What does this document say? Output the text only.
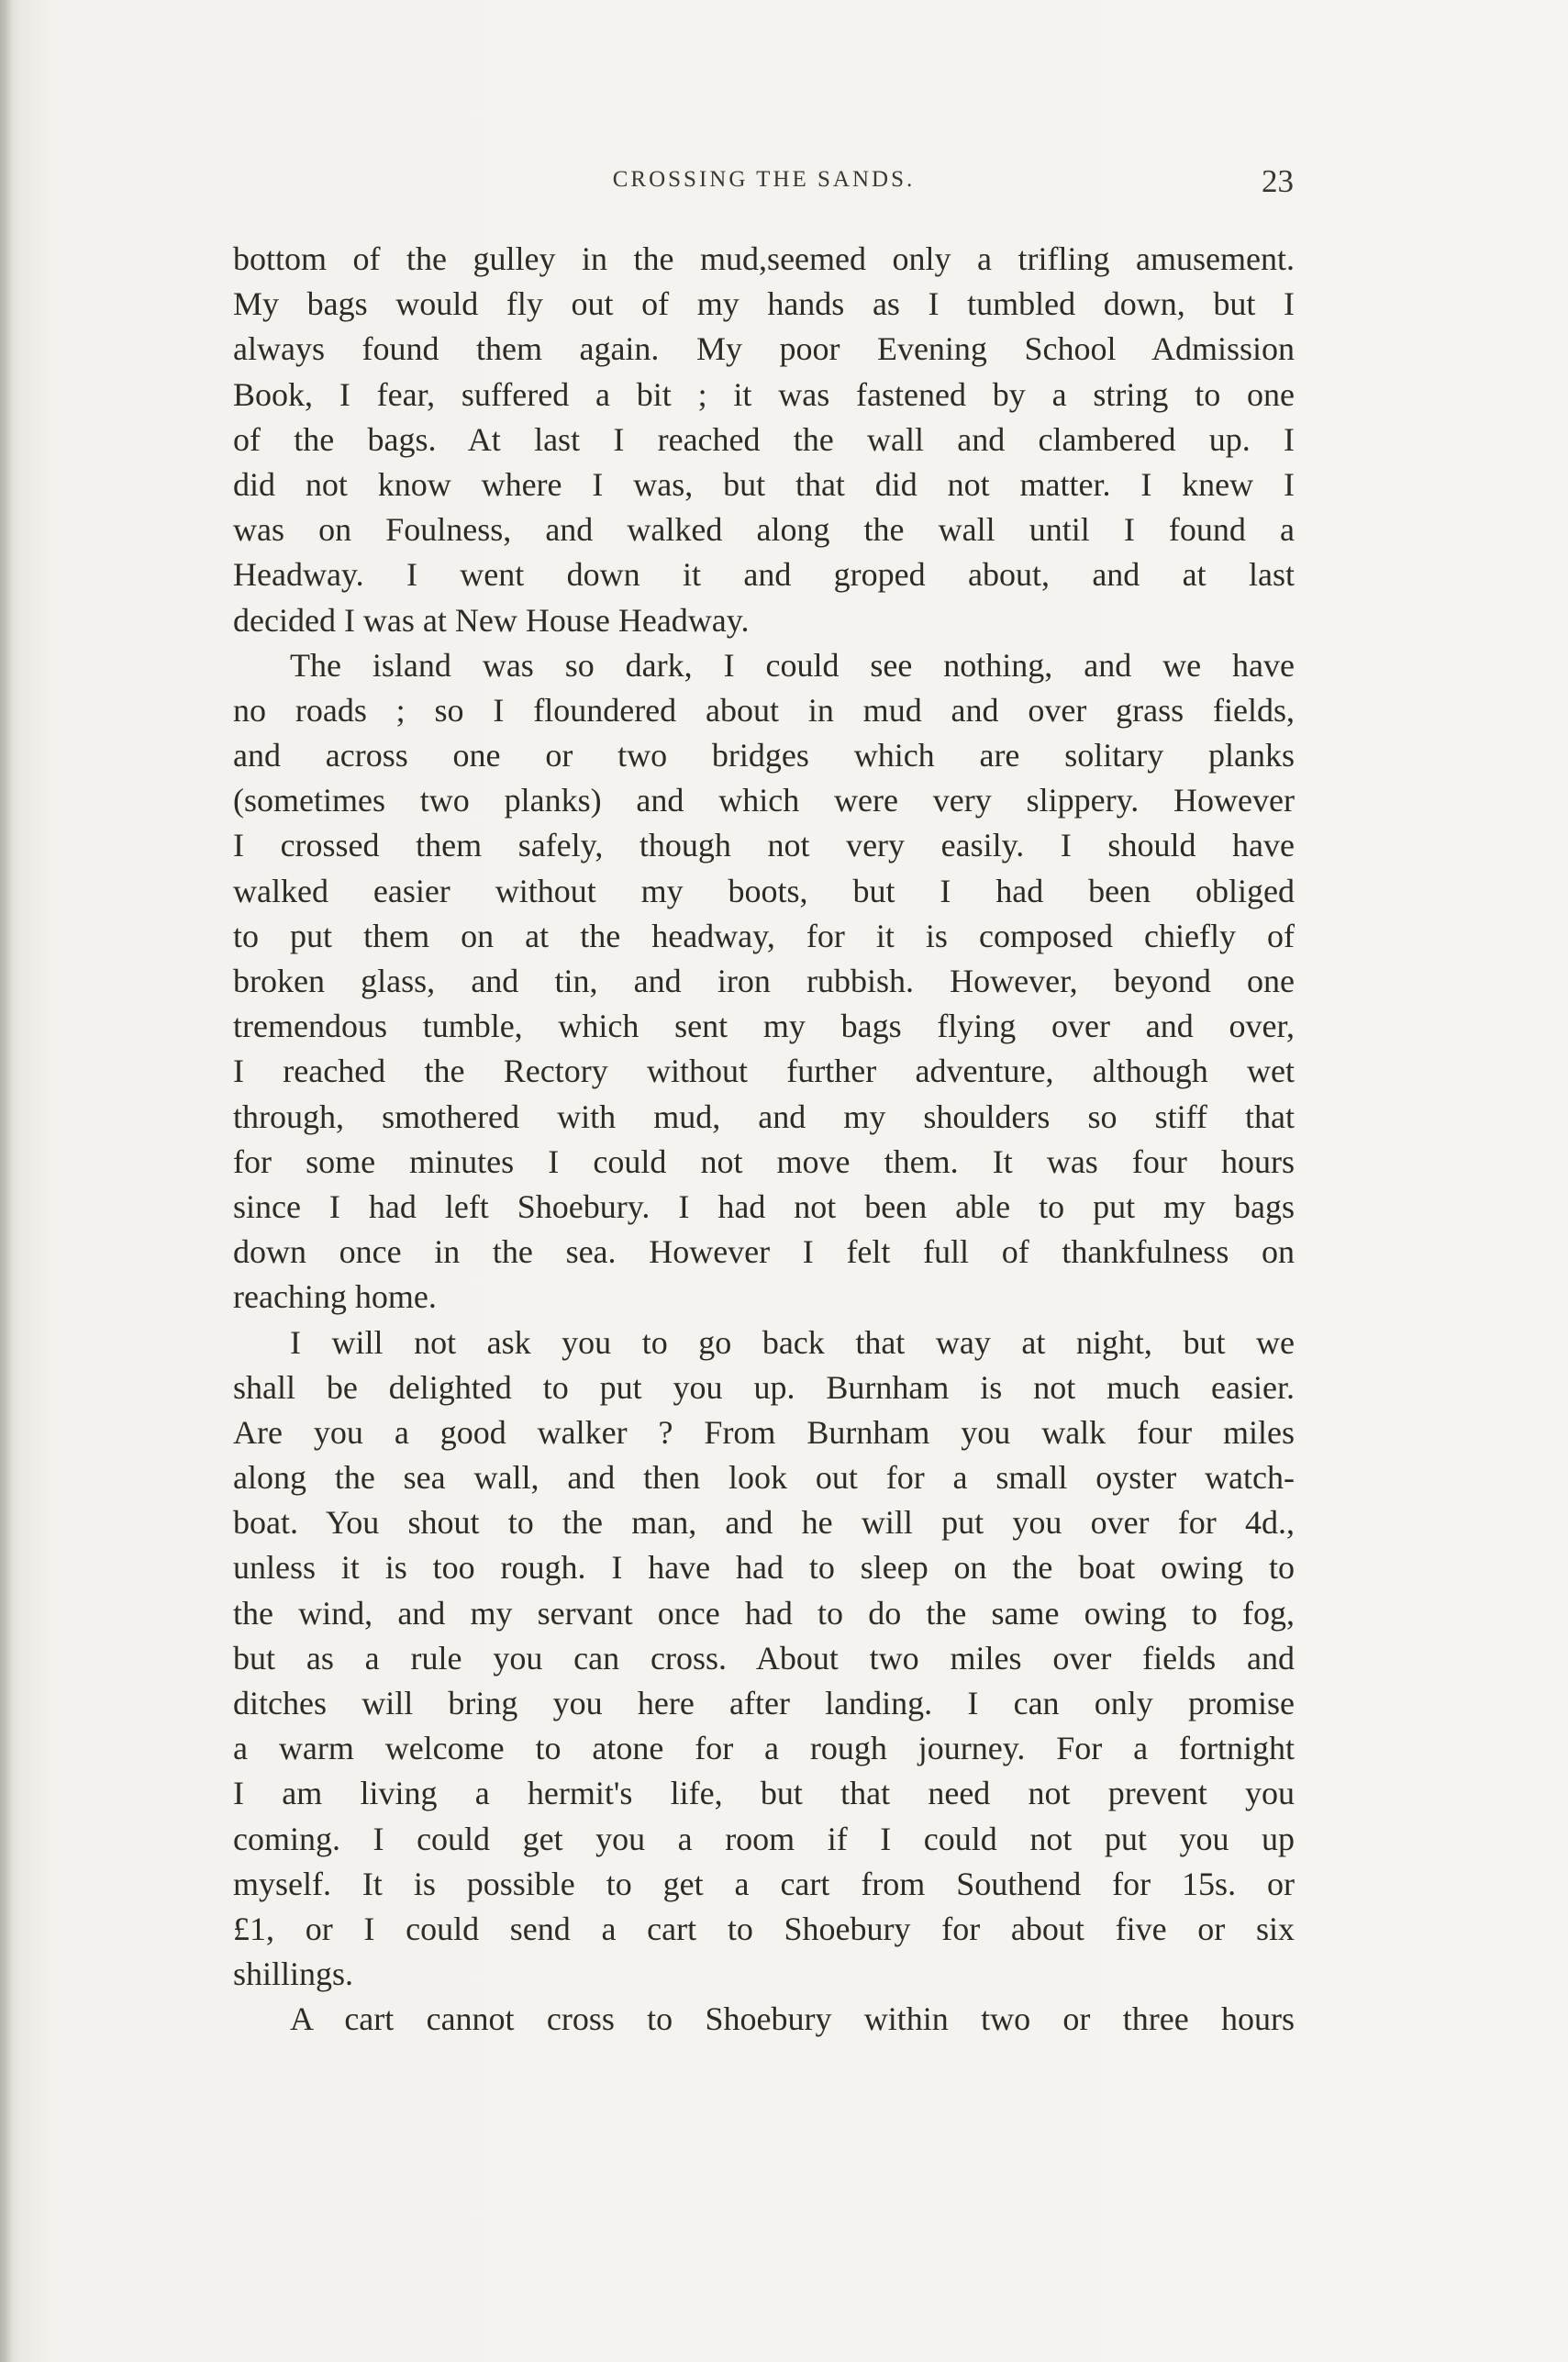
CROSSING THE SANDS.	23
bottom of the gulley in the mud,seemed only a trifling amusement.
My bags would fly out of my hands as I tumbled down, but I
always found them again. My poor Evening School Admission
Book, I fear, suffered a bit ; it was fastened by a string to one
of the bags. At last I reached the wall and clambered up. I
did not know where I was, but that did not matter. I knew I
was on Foulness, and walked along the wall until I found a
Headway. I went down it and groped about, and at last
decided I was at New House Headway.
The island was so dark, I could see nothing, and we have
no roads ; so I floundered about in mud and over grass fields,
and across one or two bridges which are solitary planks
(sometimes two planks) and which were very slippery. However
I crossed them safely, though not very easily. I should have
walked easier without my boots, but I had been obliged
to put them on at the headway, for it is composed chiefly of
broken glass, and tin, and iron rubbish. However, beyond one
tremendous tumble, which sent my bags flying over and over,
I reached the Rectory without further adventure, although wet
through, smothered with mud, and my shoulders so stiff that
for some minutes I could not move them. It was four hours
since I had left Shoebury. I had not been able to put my bags
down once in the sea. However I felt full of thankfulness on
reaching home.
I will not ask you to go back that way at night, but we
shall be delighted to put you up. Burnham is not much easier.
Are you a good walker ? From Burnham you walk four miles
along the sea wall, and then look out for a small oyster watch-
boat. You shout to the man, and he will put you over for 4d.,
unless it is too rough. I have had to sleep on the boat owing to
the wind, and my servant once had to do the same owing to fog,
but as a rule you can cross. About two miles over fields and
ditches will bring you here after landing. I can only promise
a warm welcome to atone for a rough journey. For a fortnight
I am living a hermit's life, but that need not prevent you
coming. I could get you a room if I could not put you up
myself. It is possible to get a cart from Southend for 15s. or
£1, or I could send a cart to Shoebury for about five or six
shillings.
A cart cannot cross to Shoebury within two or three hours
